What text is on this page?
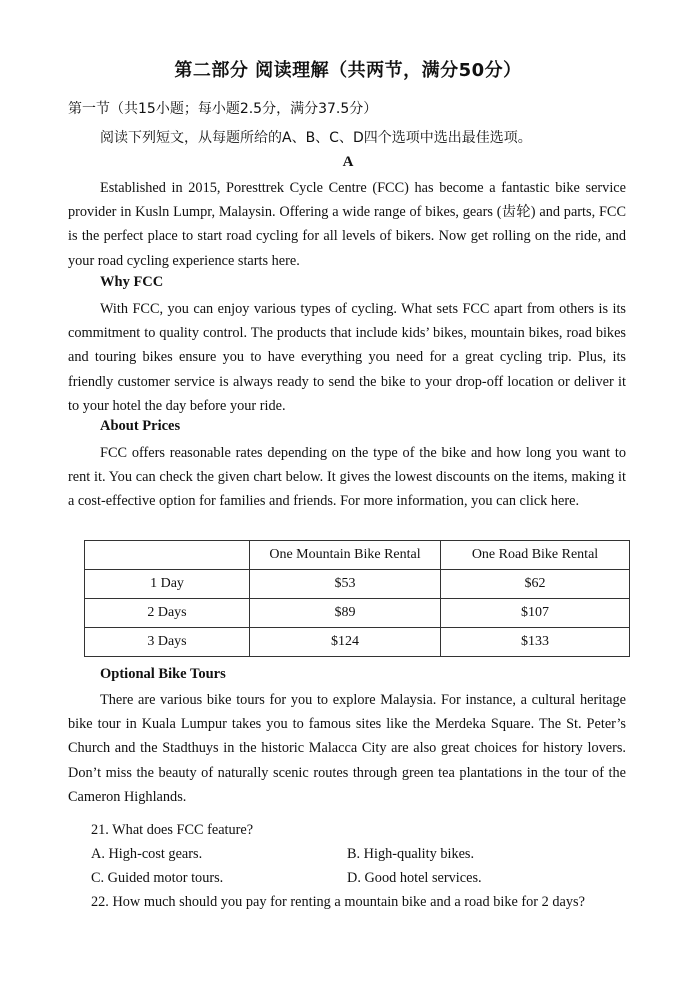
第二部分 阅读理解（共两节，满分50分）
第一节（共15小题；每小题2.5分，满分37.5分）
阅读下列短文，从每题所给的A、B、C、D四个选项中选出最佳选项。
A
Established in 2015, Poresttrek Cycle Centre (FCC) has become a fantastic bike service provider in Kusln Lumpr, Malaysin. Offering a wide range of bikes, gears (齿轮) and parts, FCC is the perfect place to start road cycling for all levels of bikers. Now get rolling on the ride, and your road cycling experience starts here.
Why FCC
With FCC, you can enjoy various types of cycling. What sets FCC apart from others is its commitment to quality control. The products that include kids’ bikes, mountain bikes, road bikes and touring bikes ensure you to have everything you need for a great cycling trip. Plus, its friendly customer service is always ready to send the bike to your drop-off location or deliver it to your hotel the day before your ride.
About Prices
FCC offers reasonable rates depending on the type of the bike and how long you want to rent it. You can check the given chart below. It gives the lowest discounts on the items, making it a cost-effective option for families and friends. For more information, you can click here.
	One Mountain Bike Rental	One Road Bike Rental
1 Day	$53	$62
2 Days	$89	$107
3 Days	$124	$133
Optional Bike Tours
There are various bike tours for you to explore Malaysia. For instance, a cultural heritage bike tour in Kuala Lumpur takes you to famous sites like the Merdeka Square. The St. Peter’s Church and the Stadthuys in the historic Malacca City are also great choices for history lovers. Don’t miss the beauty of naturally scenic routes through green tea plantations in the tour of the Cameron Highlands.
21. What does FCC feature?
A. High-cost gears.	B. High-quality bikes.
C. Guided motor tours.	D. Good hotel services.
22. How much should you pay for renting a mountain bike and a road bike for 2 days?
